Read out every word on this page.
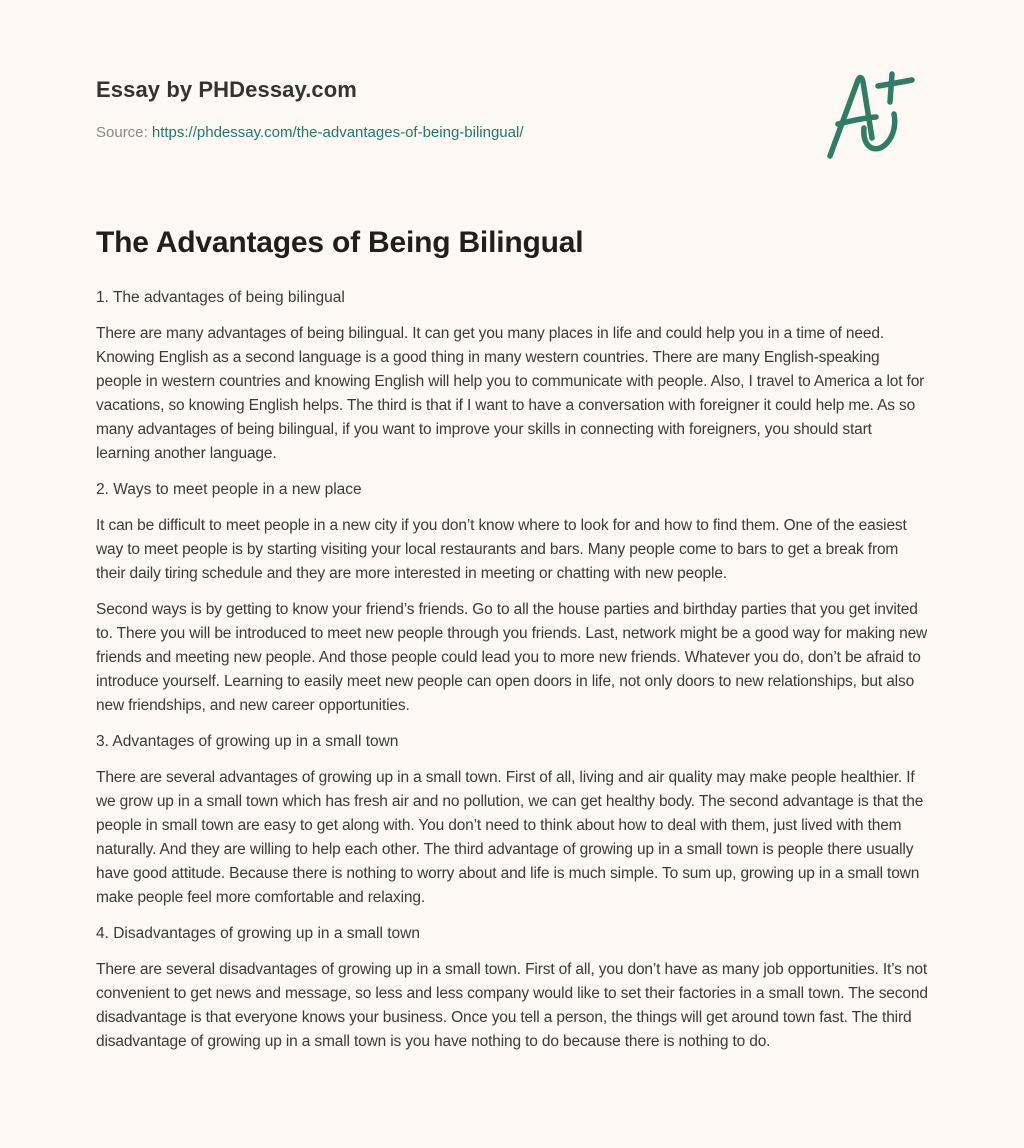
Essay by PHDessay.com
Source: https://phdessay.com/the-advantages-of-being-bilingual/
The Advantages of Being Bilingual

1. The advantages of being bilingual

There are many advantages of being bilingual. It can get you many places in life and could help you in a time of need. Knowing English as a second language is a good thing in many western countries. There are many English-speaking people in western countries and knowing English will help you to communicate with people. Also, I travel to America a lot for vacations, so knowing English helps. The third is that if I want to have a conversation with foreigner it could help me. As so many advantages of being bilingual, if you want to improve your skills in connecting with foreigners, you should start learning another language.

2. Ways to meet people in a new place

It can be difficult to meet people in a new city if you don’t know where to look for and how to find them. One of the easiest way to meet people is by starting visiting your local restaurants and bars. Many people come to bars to get a break from their daily tiring schedule and they are more interested in meeting or chatting with new people.

Second ways is by getting to know your friend’s friends. Go to all the house parties and birthday parties that you get invited to. There you will be introduced to meet new people through you friends. Last, network might be a good way for making new friends and meeting new people. And those people could lead you to more new friends. Whatever you do, don’t be afraid to introduce yourself. Learning to easily meet new people can open doors in life, not only doors to new relationships, but also new friendships, and new career opportunities.

3. Advantages of growing up in a small town

There are several advantages of growing up in a small town. First of all, living and air quality may make people healthier. If we grow up in a small town which has fresh air and no pollution, we can get healthy body. The second advantage is that the people in small town are easy to get along with. You don’t need to think about how to deal with them, just lived with them naturally. And they are willing to help each other. The third advantage of growing up in a small town is people there usually have good attitude. Because there is nothing to worry about and life is much simple. To sum up, growing up in a small town make people feel more comfortable and relaxing.

4. Disadvantages of growing up in a small town

There are several disadvantages of growing up in a small town. First of all, you don’t have as many job opportunities. It’s not convenient to get news and message, so less and less company would like to set their factories in a small town. The second disadvantage is that everyone knows your business. Once you tell a person, the things will get around town fast. The third disadvantage of growing up in a small town is you have nothing to do because there is nothing to do.
